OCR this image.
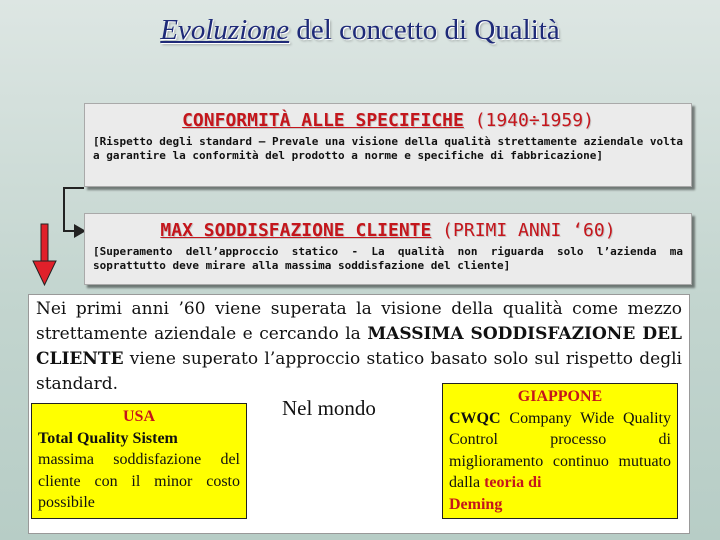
Evoluzione del concetto di Qualità
CONFORMITÀ ALLE SPECIFICHE (1940÷1959)
[Rispetto degli standard – Prevale una visione della qualità strettamente aziendale volta a garantire la conformità del prodotto a norme e specifiche di fabbricazione]
MAX SODDISFAZIONE CLIENTE (PRIMI ANNI ‘60)
[Superamento dell’approccio statico - La qualità non riguarda solo l’azienda ma soprattutto deve mirare alla massima soddisfazione del cliente]
Nei primi anni ’60 viene superata la visione della qualità come mezzo strettamente aziendale e cercando la MASSIMA SODDISFAZIONE DEL CLIENTE viene superato l’approccio statico basato solo sul rispetto degli standard.
Nel mondo
USA
Total Quality Sistem
massima soddisfazione del cliente con il minor costo possibile
GIAPPONE
CWQC Company Wide Quality Control processo di miglioramento continuo mutuato dalla teoria di
Deming
